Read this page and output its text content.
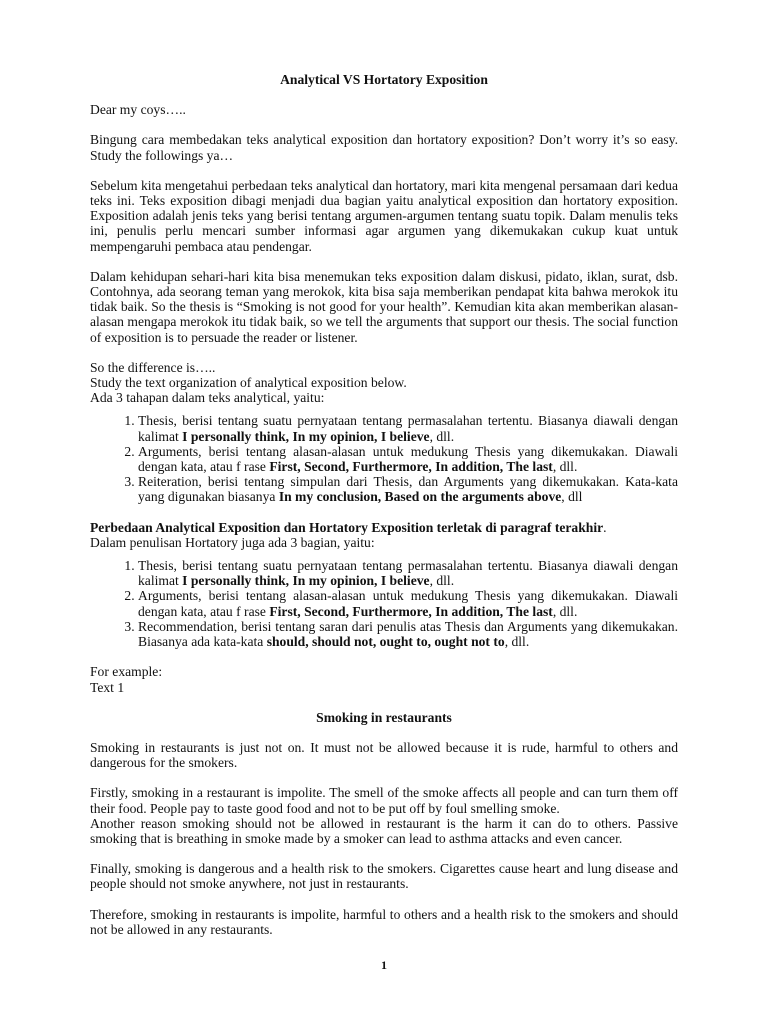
Analytical VS Hortatory Exposition

Dear my coys…..

Bingung cara membedakan teks analytical exposition dan hortatory exposition? Don’t worry it’s so easy. Study the followings ya…

Sebelum kita mengetahui perbedaan teks analytical dan hortatory, mari kita mengenal persamaan dari kedua teks ini. Teks exposition dibagi menjadi dua bagian yaitu analytical exposition dan hortatory exposition. Exposition adalah jenis teks yang berisi tentang argumen-argumen tentang suatu topik. Dalam menulis teks ini, penulis perlu mencari sumber informasi agar argumen yang dikemukakan cukup kuat untuk mempengaruhi pembaca atau pendengar.

Dalam kehidupan sehari-hari kita bisa menemukan teks exposition dalam diskusi, pidato, iklan, surat, dsb. Contohnya, ada seorang teman yang merokok, kita bisa saja memberikan pendapat kita bahwa merokok itu tidak baik. So the thesis is “Smoking is not good for your health”. Kemudian kita akan memberikan alasan-alasan mengapa merokok itu tidak baik, so we tell the arguments that support our thesis. The social function of exposition is to persuade the reader or listener.

So the difference is…..

Study the text organization of analytical exposition below.

Ada 3 tahapan dalam teks analytical, yaitu:

1. Thesis, berisi tentang suatu pernyataan tentang permasalahan tertentu. Biasanya diawali dengan kalimat I personally think, In my opinion, I believe, dll.
2. Arguments, berisi tentang alasan-alasan untuk medukung Thesis yang dikemukakan. Diawali dengan kata, atau f rase First, Second, Furthermore, In addition, The last, dll.
3. Reiteration, berisi tentang simpulan dari Thesis, dan Arguments yang dikemukakan. Kata-kata yang digunakan biasanya In my conclusion, Based on the arguments above, dll

Perbedaan Analytical Exposition dan Hortatory Exposition terletak di paragraf terakhir.

Dalam penulisan Hortatory juga ada 3 bagian, yaitu:

1. Thesis, berisi tentang suatu pernyataan tentang permasalahan tertentu. Biasanya diawali dengan kalimat I personally think, In my opinion, I believe, dll.
2. Arguments, berisi tentang alasan-alasan untuk medukung Thesis yang dikemukakan. Diawali dengan kata, atau f rase First, Second, Furthermore, In addition, The last, dll.
3. Recommendation, berisi tentang saran dari penulis atas Thesis dan Arguments yang dikemukakan. Biasanya ada kata-kata should, should not, ought to, ought not to, dll.

For example:

Text 1

Smoking in restaurants

Smoking in restaurants is just not on. It must not be allowed because it is rude, harmful to others and dangerous for the smokers.

Firstly, smoking in a restaurant is impolite. The smell of the smoke affects all people and can turn them off their food. People pay to taste good food and not to be put off by foul smelling smoke.

Another reason smoking should not be allowed in restaurant is the harm it can do to others. Passive smoking that is breathing in smoke made by a smoker can lead to asthma attacks and even cancer.

Finally, smoking is dangerous and a health risk to the smokers. Cigarettes cause heart and lung disease and people should not smoke anywhere, not just in restaurants.

Therefore, smoking in restaurants is impolite, harmful to others and a health risk to the smokers and should not be allowed in any restaurants.

1
